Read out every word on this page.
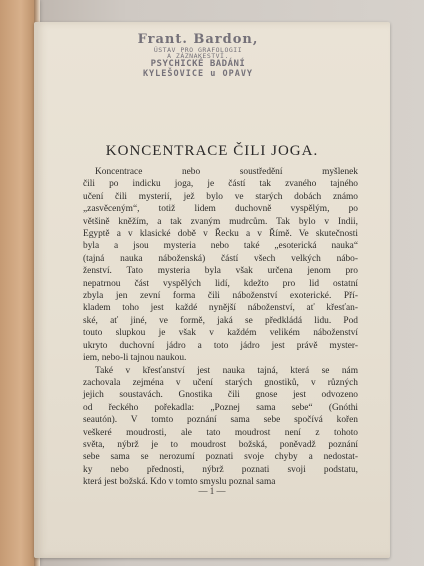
Frant. Bardon,
ÚSTAV PRO GRAFOLOGII
A ZÁZNAKESTVÍ.
PSYCHICKÉ BADÁNÍ
KYLEŠOVICE u OPAVY
KONCENTRACE ČILI JOGA.
Koncentrace nebo soustředění myšlenek
čili po indicku joga, je částí tak zvaného tajného
učení čili mysterií, jež bylo ve starých dobách známo
„zasvěceným“, totiž lidem duchovně vyspělým, po
většině kněžím, a tak zvaným mudrcům. Tak bylo v Indii,
Egyptě a v klasické době v Řecku a v Římě. Ve skutečnosti
byla a jsou mysteria nebo také „esoterická nauka“
(tajná nauka náboženská) částí všech velkých nábo-
ženství. Tato mysteria byla však určena jenom pro
nepatrnou část vyspělých lidí, kdežto pro lid ostatní
zbyla jen zevní forma čili náboženství exoterické. Pří-
kladem toho jest každé nynější náboženství, ať křesťan-
ské, ať jiné, ve formě, jaká se předkládá lidu. Pod
touto slupkou je však v každém velikém náboženství
ukryto duchovní jádro a toto jádro jest právě myster-
iem, nebo-li tajnou naukou.
Také v křesťanství jest nauka tajná, která se nám
zachovala zejména v učení starých gnostiků, v různých
jejich soustavách. Gnostika čili gnose jest odvozeno
od řeckého pořekadla: „Poznej sama sebe“ (Gnóthi
seautón). V tomto poznání sama sebe spočívá kořen
veškeré moudrosti, ale tato moudrost není z tohoto
světa, nýbrž je to moudrost božská, poněvadž poznání
sebe sama se nerozumí poznati svoje chyby a nedostat-
ky nebo přednosti, nýbrž poznati svoji podstatu,
která jest božská. Kdo v tomto smyslu poznal sama
— 1 —
